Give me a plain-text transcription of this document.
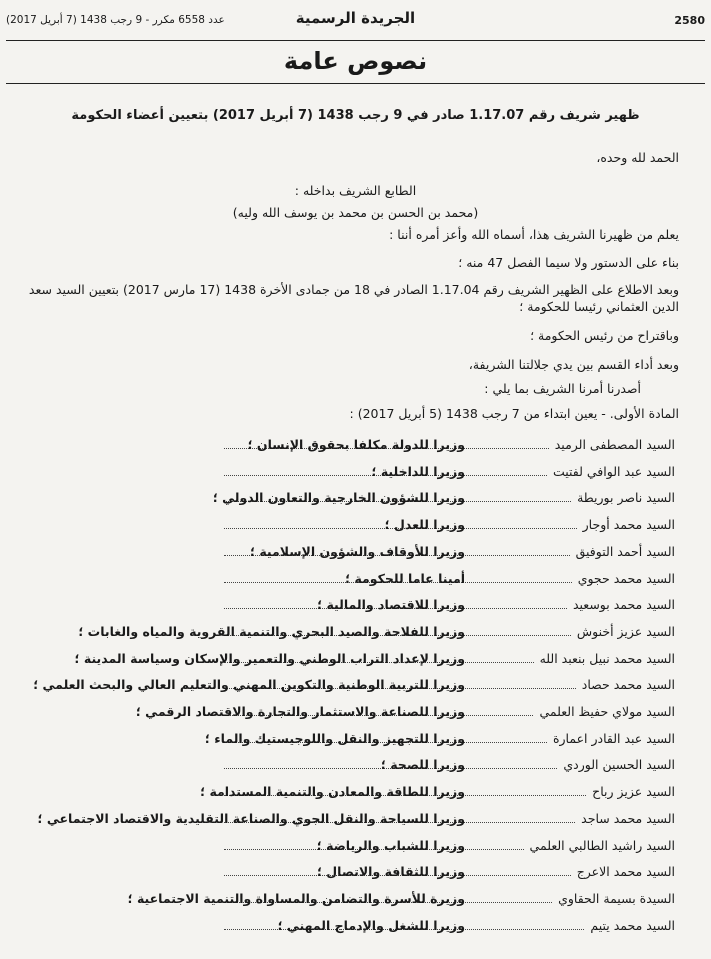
عدد 6558 مكرر - 9 رجب 1438 (7 أبريل 2017)	الجريدة الرسمية	2580
نصوص عامة
ظهير شريف رقم 1.17.07 صادر في 9 رجب 1438 (7 أبريل 2017) بتعيين أعضاء الحكومة
الحمد لله وحده،
الطابع الشريف بداخله :
(محمد بن الحسن بن محمد بن يوسف الله وليه)
يعلم من ظهيرنا الشريف هذا، أسماه الله وأعز أمره أننا :
بناء على الدستور ولا سيما الفصل 47 منه ؛
وبعد الاطلاع على الظهير الشريف رقم 1.17.04 الصادر في 18 من جمادى الأخرة 1438 (17 مارس 2017) بتعيين السيد سعد الدين العثماني رئيسا للحكومة ؛
وباقتراح من رئيس الحكومة ؛
وبعد أداء القسم بين يدي جلالتنا الشريفة،
أصدرنا أمرنا الشريف بما يلي :
المادة الأولى. - يعين ابتداء من 7 رجب 1438 (5 أبريل 2017) :
السيد المصطفى الرميد
وزيرا للدولة مكلفا بحقوق الإنسان ؛
السيد عبد الوافي لفتيت
وزيرا للداخلية ؛
السيد ناصر بوريطة
وزيرا للشؤون الخارجية والتعاون الدولي ؛
السيد محمد أوجار
وزيرا للعدل ؛
السيد أحمد التوفيق
وزيرا للأوقاف والشؤون الإسلامية ؛
السيد محمد حجوي
أمينا عاما للحكومة ؛
السيد محمد بوسعيد
وزيرا للاقتصاد والمالية ؛
السيد عزيز أخنوش
وزيرا للفلاحة والصيد البحري والتنمية القروية والمياه والغابات ؛
السيد محمد نبيل بنعبد الله
وزيرا لإعداد التراب الوطني والتعمير والإسكان وسياسة المدينة ؛
السيد محمد حصاد
وزيرا للتربية الوطنية والتكوين المهني والتعليم العالي والبحث العلمي ؛
السيد مولاي حفيظ العلمي
وزيرا للصناعة والاستثمار والتجارة والاقتصاد الرقمي ؛
السيد عبد القادر اعمارة
وزيرا للتجهيز والنقل واللوجيستيك والماء ؛
السيد الحسين الوردي
وزيرا للصحة ؛
السيد عزيز رباح
وزيرا للطاقة والمعادن والتنمية المستدامة ؛
السيد محمد ساجد
وزيرا للسياحة والنقل الجوي والصناعة التقليدية والاقتصاد الاجتماعي ؛
السيد راشيد الطالبي العلمي
وزيرا للشباب والرياضة ؛
السيد محمد الاعرج
وزيرا للثقافة والاتصال ؛
السيدة بسيمة الحقاوي
وزيرة للأسرة والتضامن والمساواة والتنمية الاجتماعية ؛
السيد محمد يتيم
وزيرا للشغل والإدماج المهني ؛
